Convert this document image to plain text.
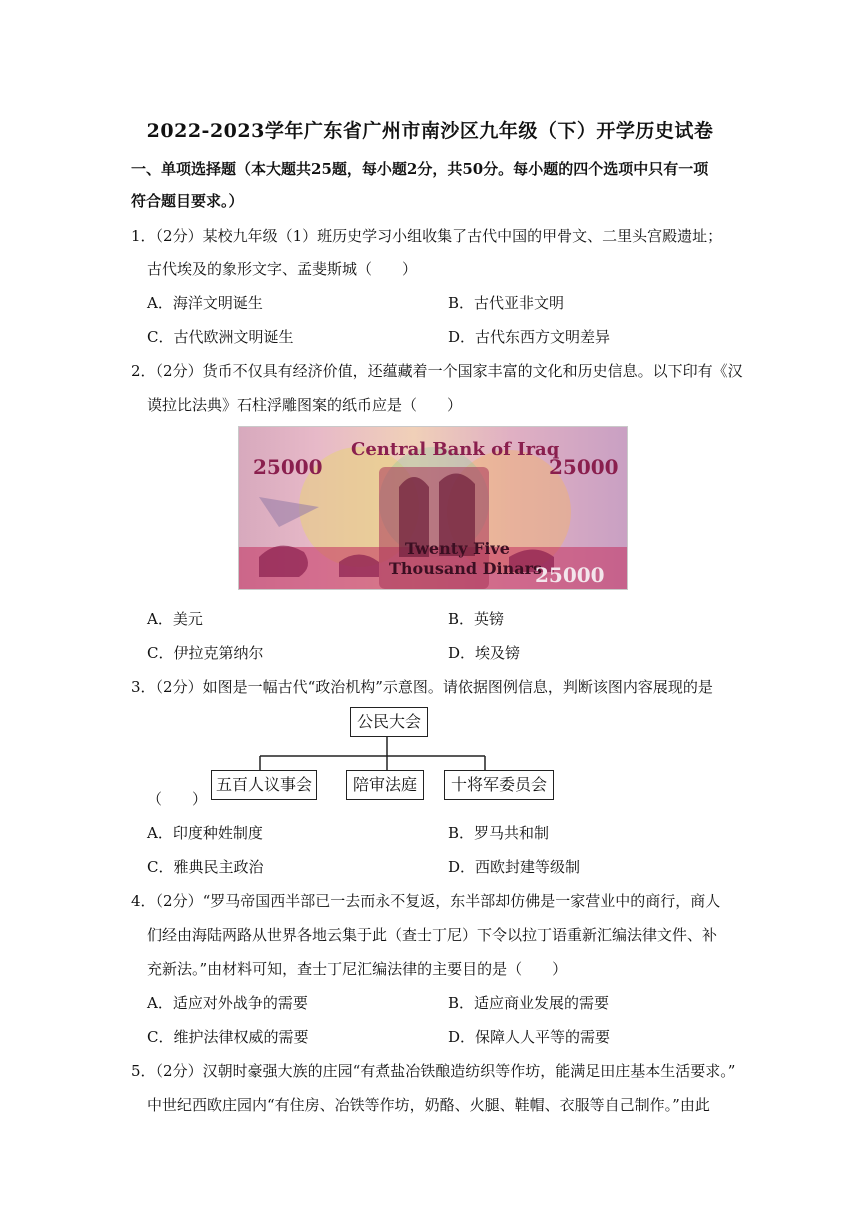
2022-2023学年广东省广州市南沙区九年级（下）开学历史试卷
一、单项选择题（本大题共25题，每小题2分，共50分。每小题的四个选项中只有一项
符合题目要求。）
1．（2分）某校九年级（1）班历史学习小组收集了古代中国的甲骨文、二里头宫殿遗址；
古代埃及的象形文字、孟斐斯城（　　）
A．海洋文明诞生	B．古代亚非文明
C．古代欧洲文明诞生	D．古代东西方文明差异
2．（2分）货币不仅具有经济价值，还蕴藏着一个国家丰富的文化和历史信息。以下印有《汉
谟拉比法典》石柱浮雕图案的纸币应是（　　）
Central Bank of Iraq
25000	25000
Twenty Five
Thousand Dinars
25000
A．美元	B．英镑
C．伊拉克第纳尔	D．埃及镑
3．（2分）如图是一幅古代“政治机构”示意图。请依据图例信息，判断该图内容展现的是
公民大会
五百人议事会	陪审法庭	十将军委员会
（　　）
A．印度种姓制度	B．罗马共和制
C．雅典民主政治	D．西欧封建等级制
4．（2分）“罗马帝国西半部已一去而永不复返，东半部却仿佛是一家营业中的商行，商人
们经由海陆两路从世界各地云集于此（查士丁尼）下令以拉丁语重新汇编法律文件、补
充新法。”由材料可知，查士丁尼汇编法律的主要目的是（　　）
A．适应对外战争的需要	B．适应商业发展的需要
C．维护法律权威的需要	D．保障人人平等的需要
5．（2分）汉朝时豪强大族的庄园“有煮盐冶铁酿造纺织等作坊，能满足田庄基本生活要求。”
中世纪西欧庄园内“有住房、冶铁等作坊，奶酪、火腿、鞋帽、衣服等自己制作。”由此
